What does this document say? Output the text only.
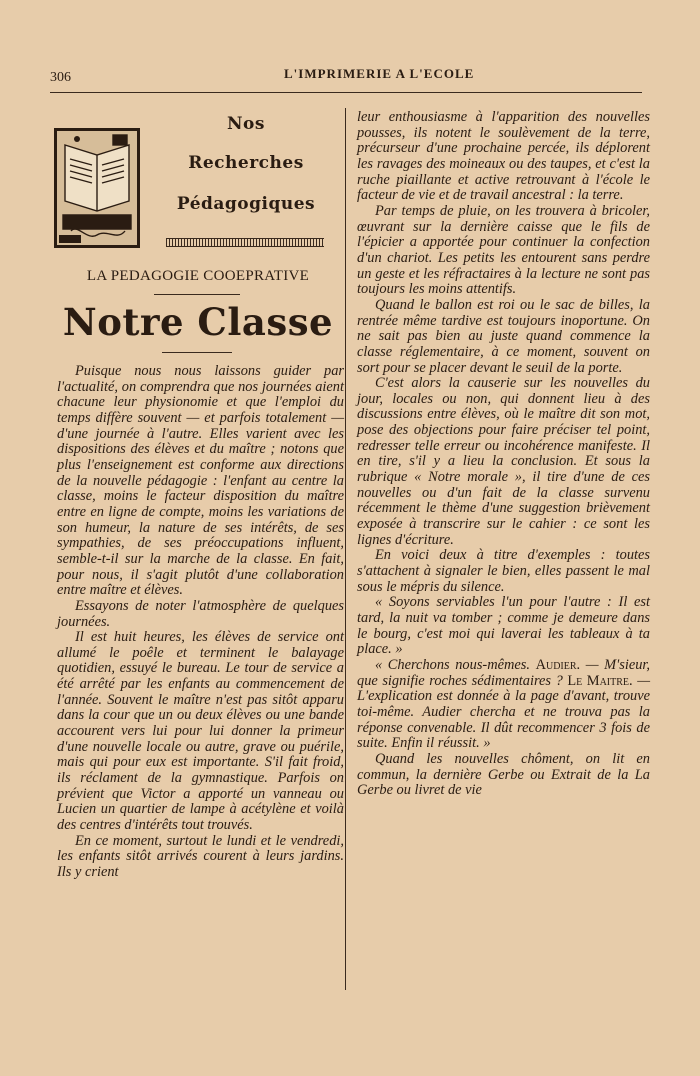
306	L'IMPRIMERIE A L'ECOLE
Nos
Recherches
Pédagogiques
LA PEDAGOGIE COOEPRATIVE
Notre Classe

Puisque nous nous laissons guider par l'actualité, on comprendra que nos journées aient chacune leur physionomie et que l'emploi du temps diffère souvent — et parfois totalement — d'une journée à l'autre. Elles varient avec les dispositions des élèves et du maître ; notons que plus l'enseignement est conforme aux directions de la nouvelle pédagogie : l'enfant au centre la classe, moins le facteur disposition du maître entre en ligne de compte, moins les variations de son humeur, la nature de ses intérêts, de ses sympathies, de ses préoccupations influent, semble-t-il sur la marche de la classe. En fait, pour nous, il s'agit plutôt d'une collaboration entre maître et élèves.

Essayons de noter l'atmosphère de quelques journées.

Il est huit heures, les élèves de service ont allumé le poêle et terminent le balayage quotidien, essuyé le bureau. Le tour de service a été arrêté par les enfants au commencement de l'année. Souvent le maître n'est pas sitôt apparu dans la cour que un ou deux élèves ou une bande accourent vers lui pour lui donner la primeur d'une nouvelle locale ou autre, grave ou puérile, mais qui pour eux est importante. S'il fait froid, ils réclament de la gymnastique. Parfois on prévient que Victor a apporté un vanneau ou Lucien un quartier de lampe à acétylène et voilà des centres d'intérêts tout trouvés.

En ce moment, surtout le lundi et le vendredi, les enfants sitôt arrivés courent à leurs jardins. Ils y crient

leur enthousiasme à l'apparition des nouvelles pousses, ils notent le soulèvement de la terre, précurseur d'une prochaine percée, ils déplorent les ravages des moineaux ou des taupes, et c'est la ruche piaillante et active retrouvant à l'école le facteur de vie et de travail ancestral : la terre.

Par temps de pluie, on les trouvera à bricoler, œuvrant sur la dernière caisse que le fils de l'épicier a apportée pour continuer la confection d'un chariot. Les petits les entourent sans perdre un geste et les réfractaires à la lecture ne sont pas toujours les moins attentifs.

Quand le ballon est roi ou le sac de billes, la rentrée même tardive est toujours inoportune. On ne sait pas bien au juste quand commence la classe réglementaire, à ce moment, souvent on sort pour se placer devant le seuil de la porte.

C'est alors la causerie sur les nouvelles du jour, locales ou non, qui donnent lieu à des discussions entre élèves, où le maître dit son mot, pose des objections pour faire préciser tel point, redresser telle erreur ou incohérence manifeste. Il en tire, s'il y a lieu la conclusion. Et sous la rubrique « Notre morale », il tire d'une de ces nouvelles ou d'un fait de la classe survenu récemment le thème d'une suggestion brièvement exposée à transcrire sur le cahier : ce sont les lignes d'écriture.

En voici deux à titre d'exemples : toutes s'attachent à signaler le bien, elles passent le mal sous le mépris du silence.

« Soyons serviables l'un pour l'autre : Il est tard, la nuit va tomber ; comme je demeure dans le bourg, c'est moi qui laverai les tableaux à ta place. »

« Cherchons nous-mêmes. Audier. — M'sieur, que signifie roches sédimentaires ? Le Maitre. — L'explication est donnée à la page d'avant, trouve toi-même. Audier chercha et ne trouva pas la réponse convenable. Il dût recommencer 3 fois de suite. Enfin il réussit. »

Quand les nouvelles chôment, on lit en commun, la dernière Gerbe ou Extrait de la La Gerbe ou livret de vie
